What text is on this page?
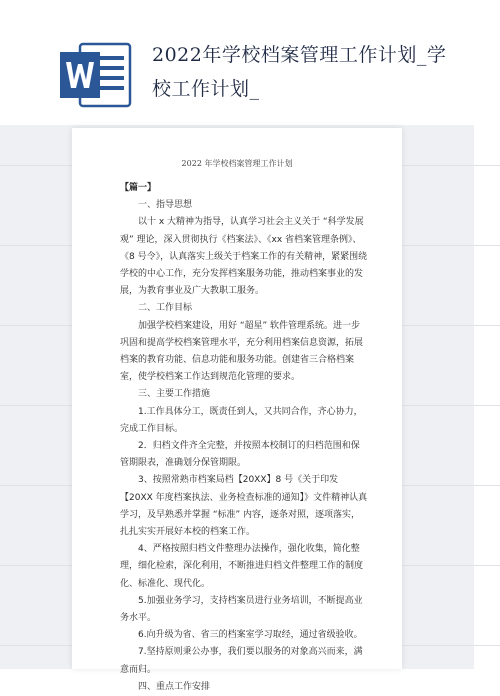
2022年学校档案管理工作计划_学校工作计划_
2022 年学校档案管理工作计划

【篇一】

一、指导思想

以十 x 大精神为指导，认真学习社会主义关于 “科学发展观” 理论，深入贯彻执行《档案法》、《xx 省档案管理条例》、《8 号令》，认真落实上级关于档案工作的有关精神，紧紧围绕学校的中心工作，充分发挥档案服务功能，推动档案事业的发展，为教育事业及广大教职工服务。

二、工作目标

加强学校档案建设，用好 “超星” 软件管理系统。进一步巩固和提高学校档案管理水平，充分利用档案信息资源，拓展档案的教育功能、信息功能和服务功能。创建省三合格档案室，使学校档案工作达到规范化管理的要求。

三、主要工作措施

1.工作具体分工，既责任到人，又共同合作，齐心协力，完成工作目标。

2．归档文件齐全完整，并按照本校制订的归档范围和保管期限表，准确划分保管期限。

3、按照常熟市档案局档【20XX】8 号《关于印发【20XX 年度档案执法、业务检查标准的通知】》文件精神认真学习，及早熟悉并掌握 “标准” 内容，逐条对照，逐项落实，扎扎实实开展好本校的档案工作。

4、严格按照归档文件整理办法操作，强化收集，简化整理，细化检索，深化利用，不断推进归档文件整理工作的制度化、标准化、现代化。

5.加强业务学习，支持档案员进行业务培训，不断提高业务水平。

6.向升级为省、省三的档案室学习取经，通过省级验收。

7.坚持原则秉公办事，我们要以服务的对象高兴而来，满意而归。

四、重点工作安排
